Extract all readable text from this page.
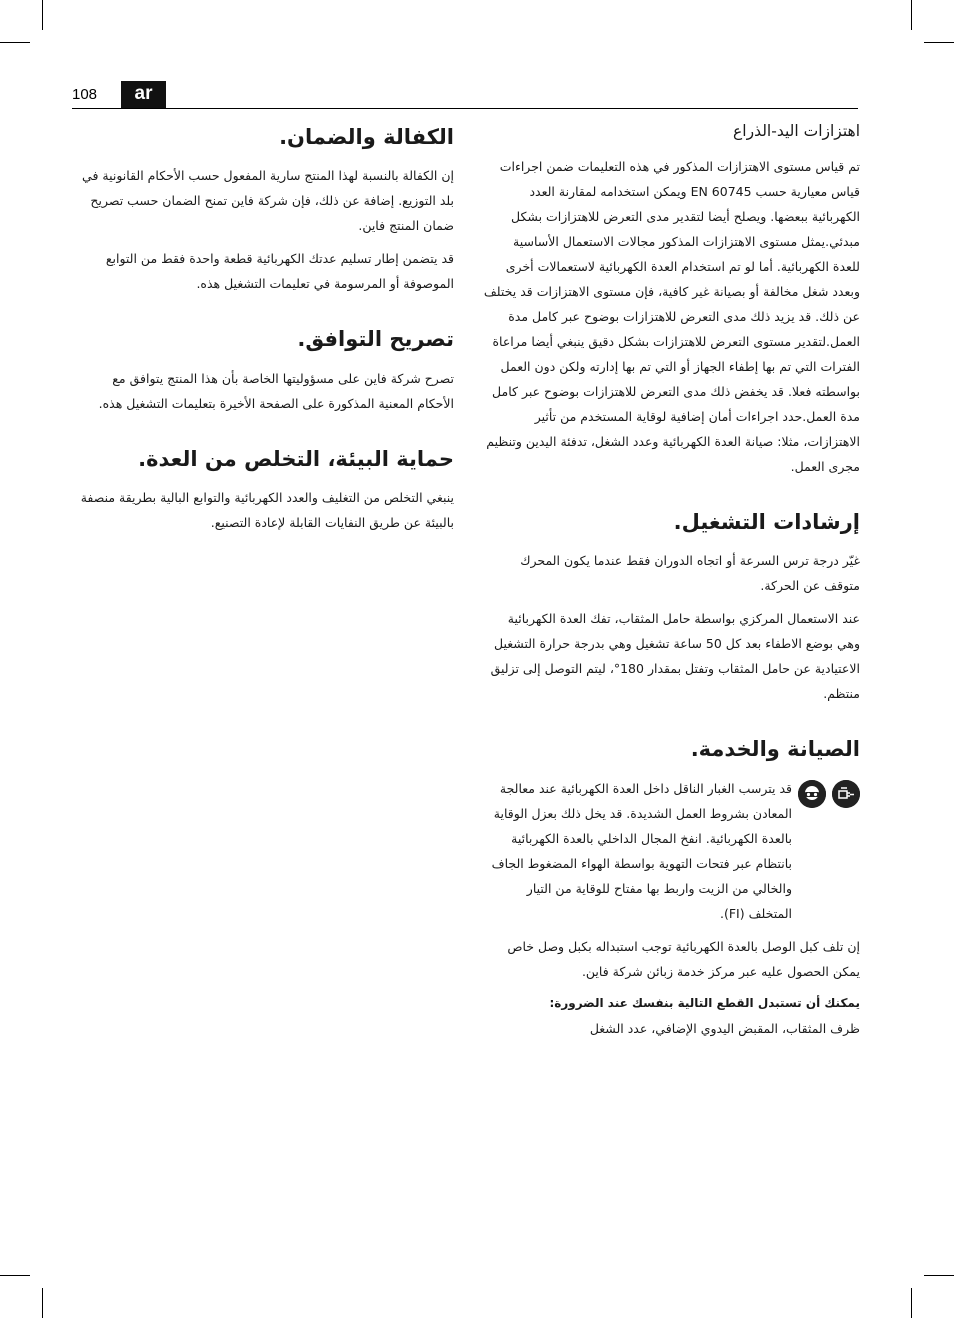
108	ar
اهتزازات اليد-الذراع

تم قياس مستوى الاهتزازات المذكور في هذه التعليمات ضمن اجراءات قياس معيارية حسب EN 60745 ويمكن استخدامه لمقارنة العدد الكهربائية ببعضها. ويصلح أيضا لتقدير مدى التعرض للاهتزازات بشكل مبدئي.يمثل مستوى الاهتزازات المذكور مجالات الاستعمال الأساسية للعدة الكهربائية. أما لو تم استخدام العدة الكهربائية لاستعمالات أخرى وبعدد شغل مخالفة أو بصيانة غير كافية، فإن مستوى الاهتزازات قد يختلف عن ذلك. قد يزيد ذلك مدى التعرض للاهتزازات بوضوح عبر كامل مدة العمل.لتقدير مستوى التعرض للاهتزازات بشكل دقيق ينبغي أيضا مراعاة الفترات التي تم بها إطفاء الجهاز أو التي تم بها إدارته ولكن دون العمل بواسطته فعلا. قد يخفض ذلك مدى التعرض للاهتزازات بوضوح عبر كامل مدة العمل.حدد اجراءات أمان إضافية لوقاية المستخدم من تأثير الاهتزازات، مثلا: صيانة العدة الكهربائية وعدد الشغل، تدفئة اليدين وتنظيم مجرى العمل.

إرشادات التشغيل.

غيّر درجة ترس السرعة أو اتجاه الدوران فقط عندما يكون المحرك متوقف عن الحركة.

عند الاستعمال المركزي بواسطة حامل المثقاب، تفك العدة الكهربائية وهي بوضع الاطفاء بعد كل 50 ساعة تشغيل وهي بدرجة حرارة التشغيل الاعتيادية عن حامل المثقاب وتفتل بمقدار 180°، ليتم التوصل إلى تزليق منتظم.

الصيانة والخدمة.

قد يترسب الغبار الناقل داخل العدة الكهربائية عند معالجة المعادن بشروط العمل الشديدة. قد يخل ذلك بعزل الوقاية بالعدة الكهربائية. انفخ المجال الداخلي بالعدة الكهربائية بانتظام عبر فتحات التهوية بواسطة الهواء المضغوط الجاف والخالي من الزيت واربط بها مفتاح للوقاية من التيار المتخلف (FI).

إن تلف كبل الوصل بالعدة الكهربائية توجب استبداله بكبل وصل خاص يمكن الحصول عليه عبر مركز خدمة زبائن شركة فاين.

يمكنك أن تستبدل القطع التالية بنفسك عند الضرورة:

ظرف المثقاب، المقبض اليدوي الإضافي، عدد الشغل

الكفالة والضمان.

إن الكفالة بالنسبة لهذا المنتج سارية المفعول حسب الأحكام القانونية في بلد التوزيع. إضافة عن ذلك، فإن شركة فاين تمنح الضمان حسب تصريح ضمان المنتج فاين.

قد يتضمن إطار تسليم عدتك الكهربائية قطعة واحدة فقط من التوابع الموصوفة أو المرسومة في تعليمات التشغيل هذه.

تصريح التوافق.

تصرح شركة فاين على مسؤوليتها الخاصة بأن هذا المنتج يتوافق مع الأحكام المعنية المذكورة على الصفحة الأخيرة بتعليمات التشغيل هذه.

حماية البيئة، التخلص من العدة.

ينبغي التخلص من التغليف والعدد الكهربائية والتوابع البالية بطريقة منصفة بالبيئة عن طريق النفايات القابلة لإعادة التصنيع.
